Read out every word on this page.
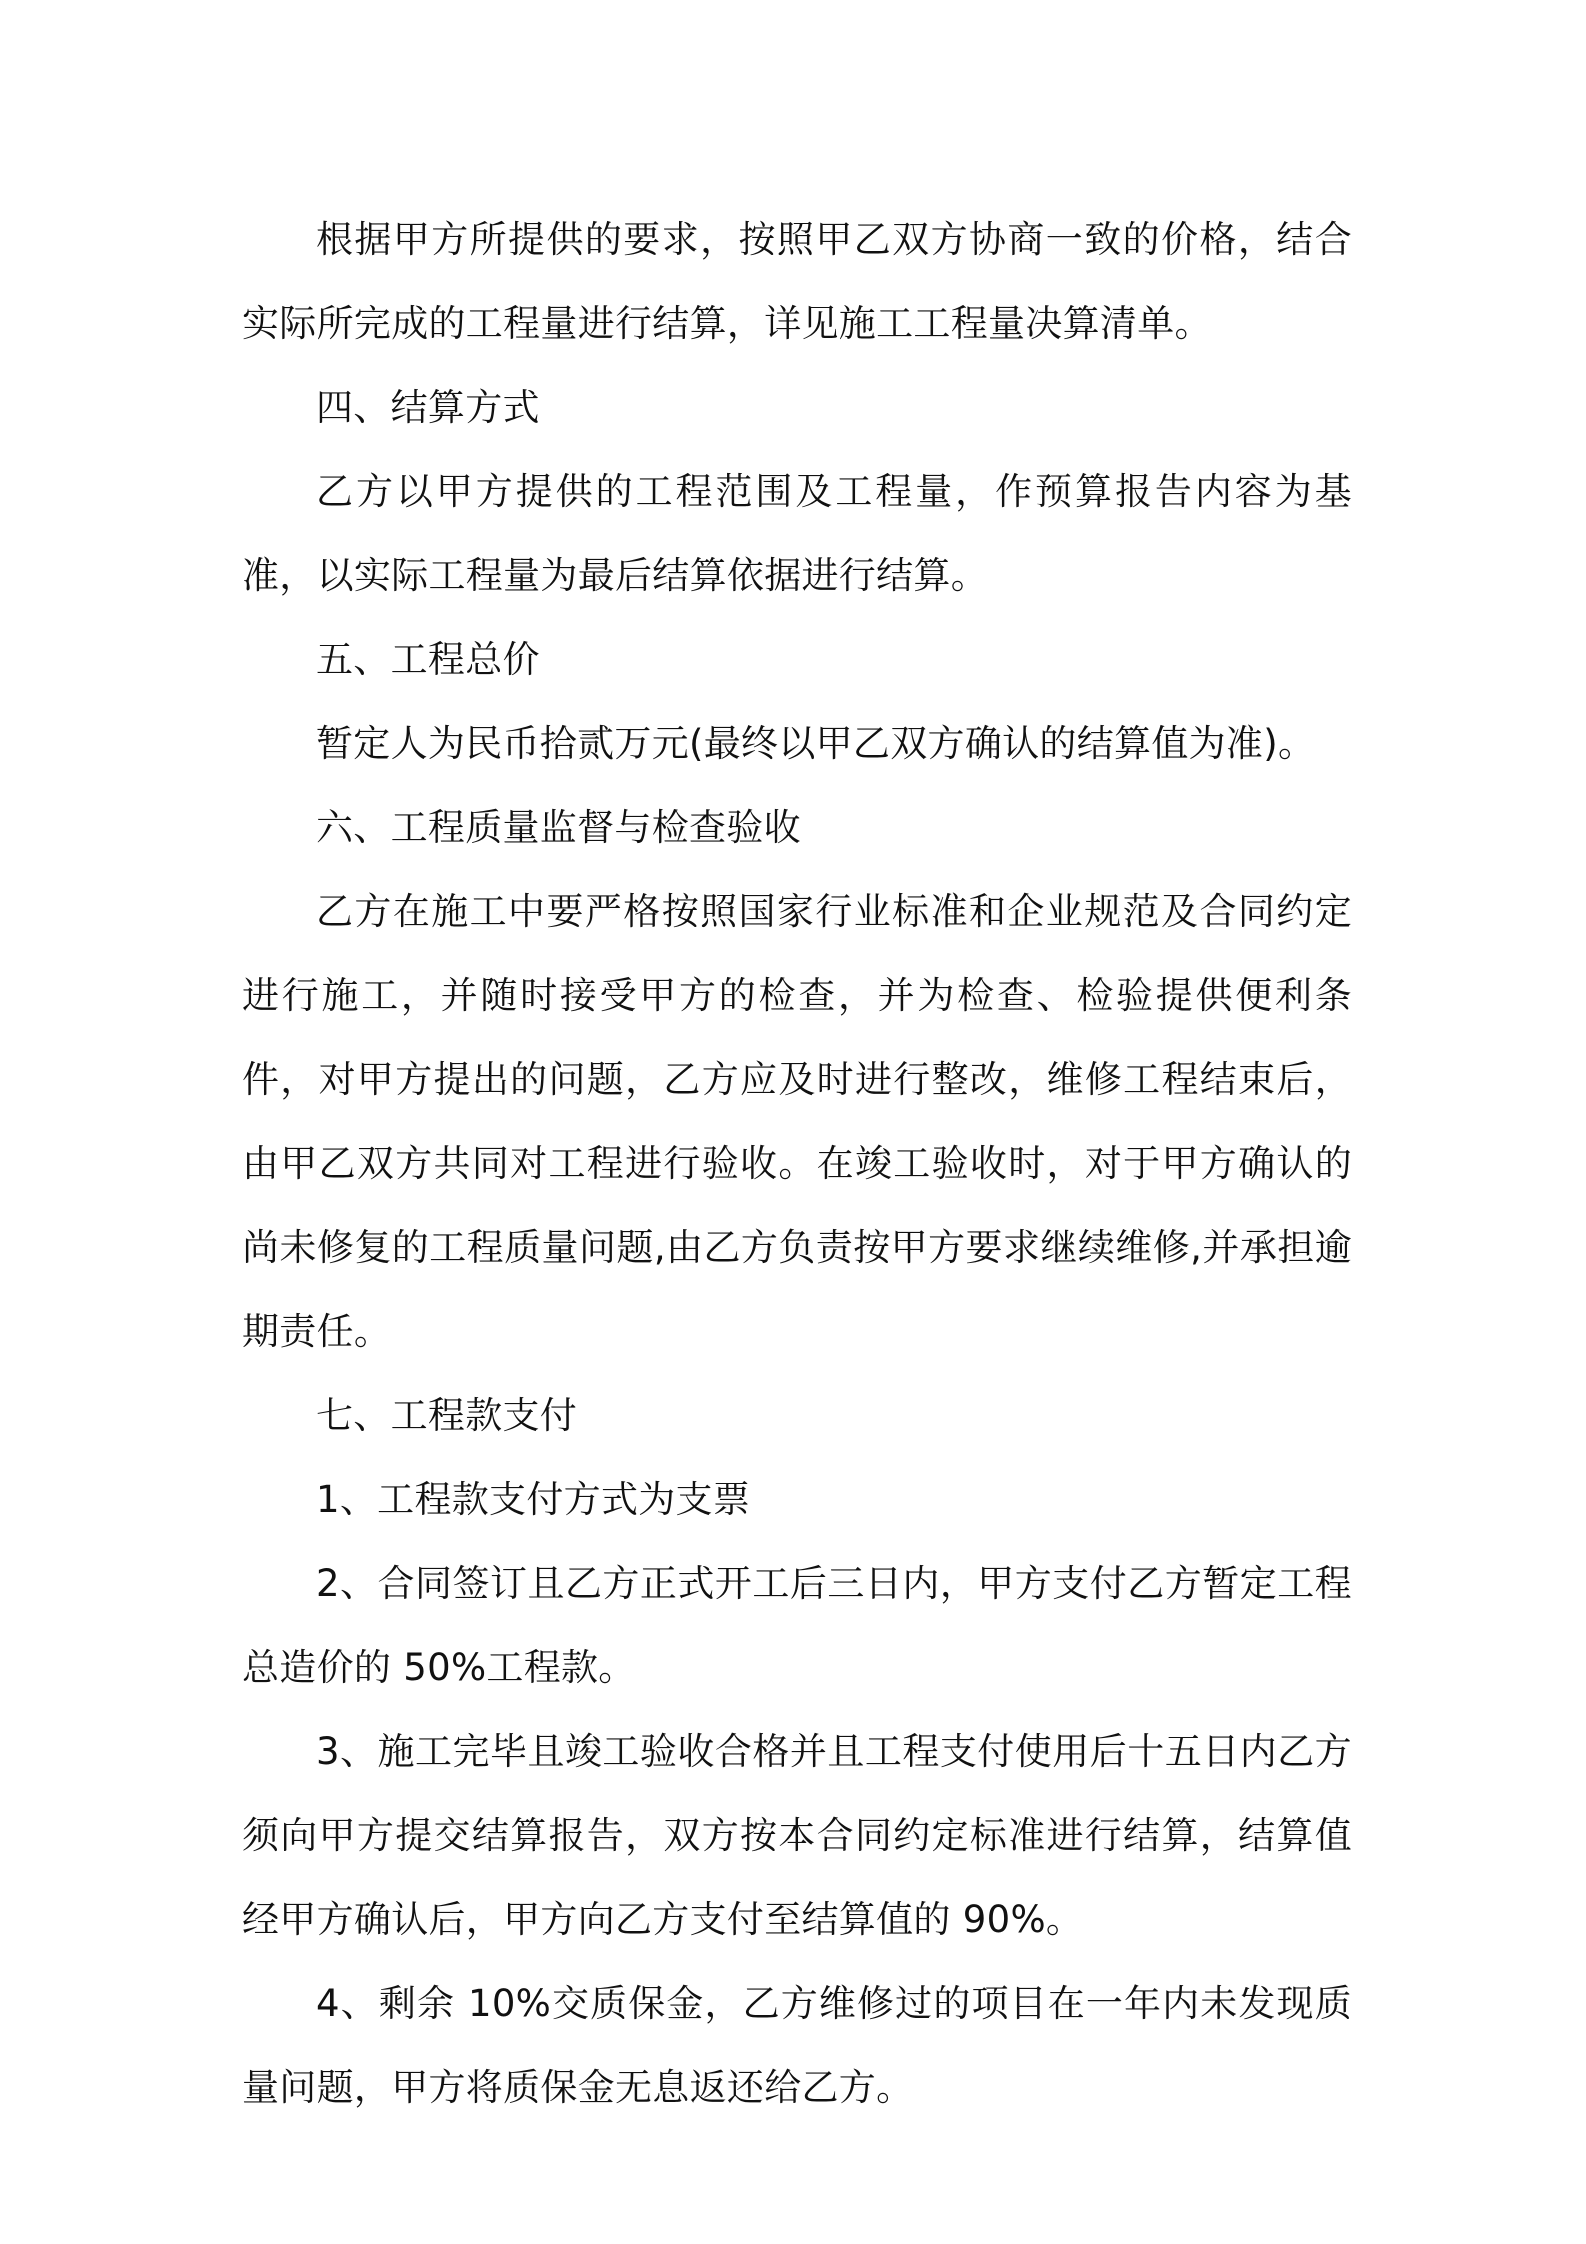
根据甲方所提供的要求，按照甲乙双方协商一致的价格，结合实际所完成的工程量进行结算，详见施工工程量决算清单。

四、结算方式

乙方以甲方提供的工程范围及工程量，作预算报告内容为基准，以实际工程量为最后结算依据进行结算。

五、工程总价

暂定人为民币拾贰万元(最终以甲乙双方确认的结算值为准)。

六、工程质量监督与检查验收

乙方在施工中要严格按照国家行业标准和企业规范及合同约定进行施工，并随时接受甲方的检查，并为检查、检验提供便利条件，对甲方提出的问题，乙方应及时进行整改，维修工程结束后，由甲乙双方共同对工程进行验收。在竣工验收时，对于甲方确认的尚未修复的工程质量问题,由乙方负责按甲方要求继续维修,并承担逾期责任。

七、工程款支付

1、工程款支付方式为支票

2、合同签订且乙方正式开工后三日内，甲方支付乙方暂定工程总造价的 50%工程款。

3、施工完毕且竣工验收合格并且工程支付使用后十五日内乙方须向甲方提交结算报告，双方按本合同约定标准进行结算，结算值经甲方确认后，甲方向乙方支付至结算值的 90%。

4、剩余 10%交质保金，乙方维修过的项目在一年内未发现质量问题，甲方将质保金无息返还给乙方。
